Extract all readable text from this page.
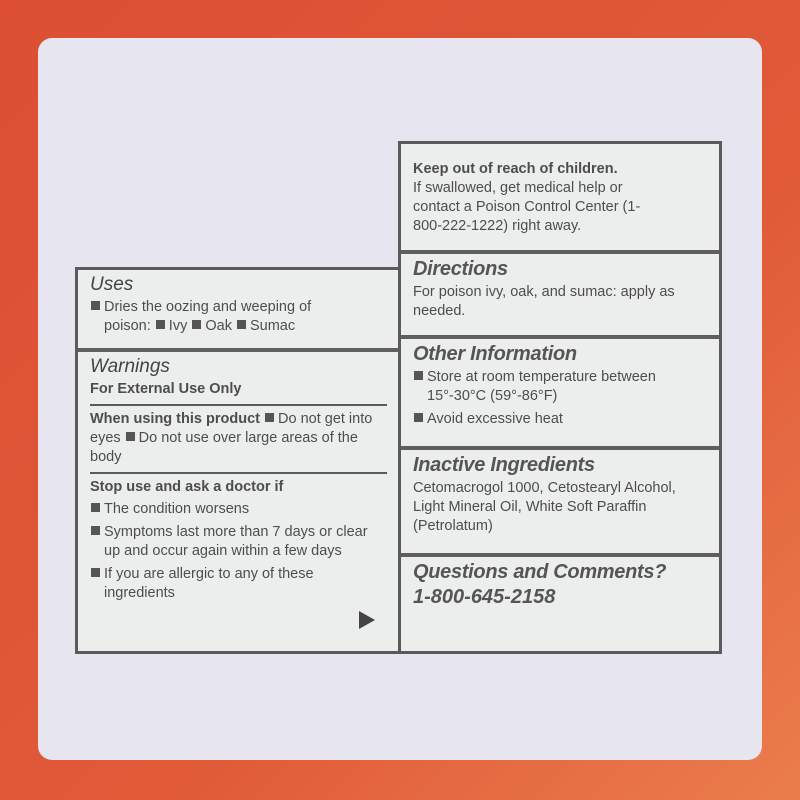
Uses
Dries the oozing and weeping of
poison: Ivy Oak Sumac
Warnings
For External Use Only
When using this product Do not get into eyes Do not use over large areas of the body
Stop use and ask a doctor if
The condition worsens
Symptoms last more than 7 days or clear up and occur again within a few days
If you are allergic to any of these ingredients
Keep out of reach of children.
If swallowed, get medical help or contact a Poison Control Center (1-800-222-1222) right away.
Directions
For poison ivy, oak, and sumac: apply as needed.
Other Information
Store at room temperature between 15°-30°C (59°-86°F)
Avoid excessive heat
Inactive Ingredients
Cetomacrogol 1000, Cetostearyl Alcohol, Light Mineral Oil, White Soft Paraffin (Petrolatum)
Questions and Comments?
1-800-645-2158
